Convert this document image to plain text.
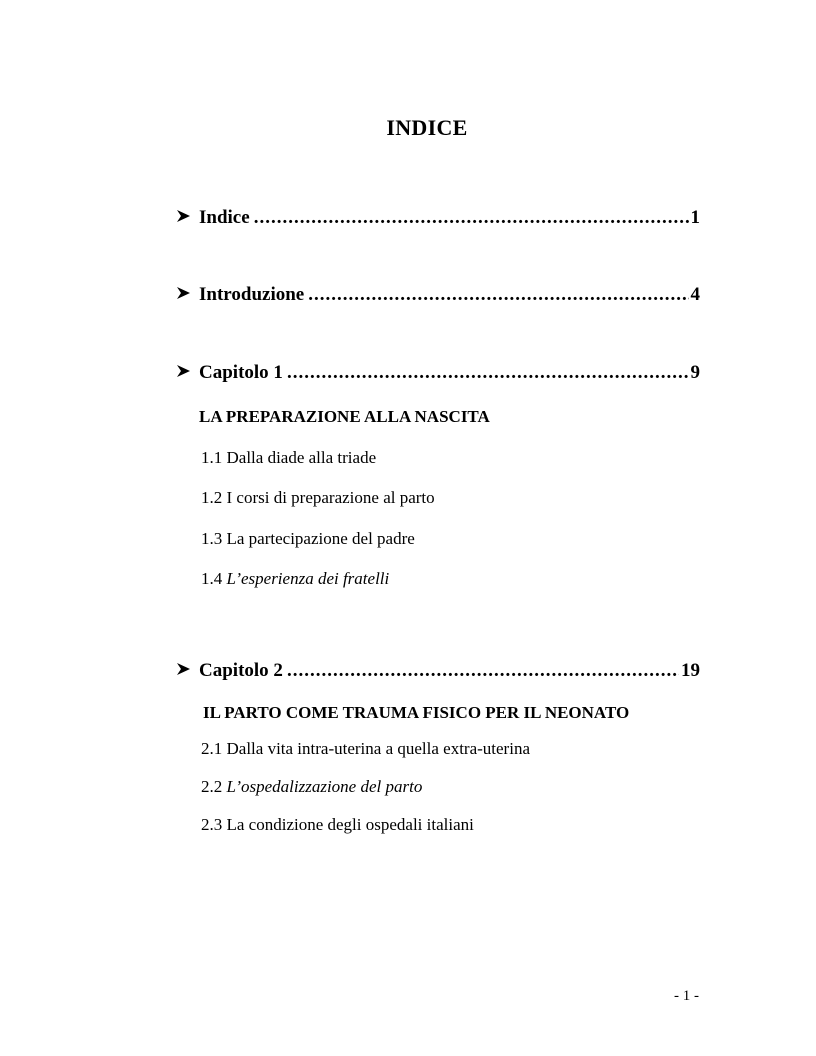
INDICE
Indice .....	1
Introduzione .....	4
Capitolo 1 .....	9
LA PREPARAZIONE ALLA NASCITA
1.1 Dalla diade alla triade
1.2 I corsi di preparazione al parto
1.3 La partecipazione del padre
1.4 L’esperienza dei fratelli
Capitolo 2 .....	19
IL PARTO COME TRAUMA FISICO PER IL NEONATO
2.1 Dalla vita intra-uterina a quella extra-uterina
2.2 L’ospedalizzazione del parto
2.3 La condizione degli ospedali italiani
- 1 -
